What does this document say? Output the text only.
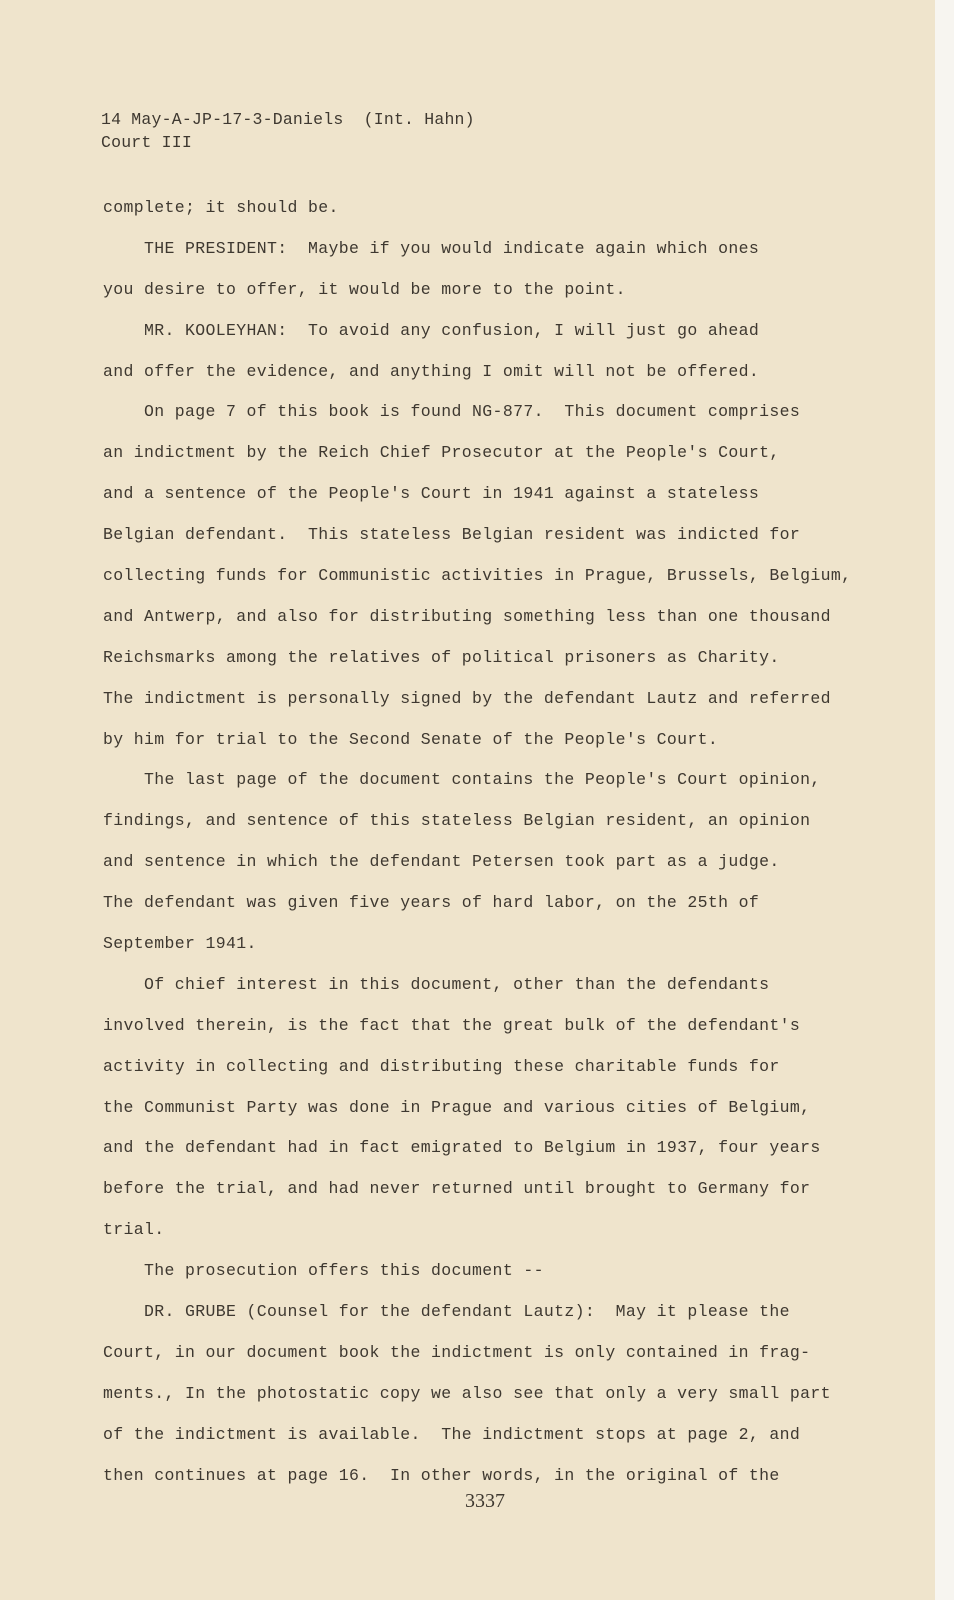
14 May-A-JP-17-3-Daniels  (Int. Hahn)
Court III
complete; it should be.
THE PRESIDENT:  Maybe if you would indicate again which ones
you desire to offer, it would be more to the point.
MR. KOOLEYHAN:  To avoid any confusion, I will just go ahead
and offer the evidence, and anything I omit will not be offered.
On page 7 of this book is found NG-877.  This document comprises
an indictment by the Reich Chief Prosecutor at the People's Court,
and a sentence of the People's Court in 1941 against a stateless
Belgian defendant.  This stateless Belgian resident was indicted for
collecting funds for Communistic activities in Prague, Brussels, Belgium,
and Antwerp, and also for distributing something less than one thousand
Reichsmarks among the relatives of political prisoners as Charity.
The indictment is personally signed by the defendant Lautz and referred
by him for trial to the Second Senate of the People's Court.
The last page of the document contains the People's Court opinion,
findings, and sentence of this stateless Belgian resident, an opinion
and sentence in which the defendant Petersen took part as a judge.
The defendant was given five years of hard labor, on the 25th of
September 1941.
Of chief interest in this document, other than the defendants
involved therein, is the fact that the great bulk of the defendant's
activity in collecting and distributing these charitable funds for
the Communist Party was done in Prague and various cities of Belgium,
and the defendant had in fact emigrated to Belgium in 1937, four years
before the trial, and had never returned until brought to Germany for
trial.
The prosecution offers this document --
DR. GRUBE (Counsel for the defendant Lautz):  May it please the
Court, in our document book the indictment is only contained in frag-
ments., In the photostatic copy we also see that only a very small part
of the indictment is available.  The indictment stops at page 2, and
then continues at page 16.  In other words, in the original of the
3337
